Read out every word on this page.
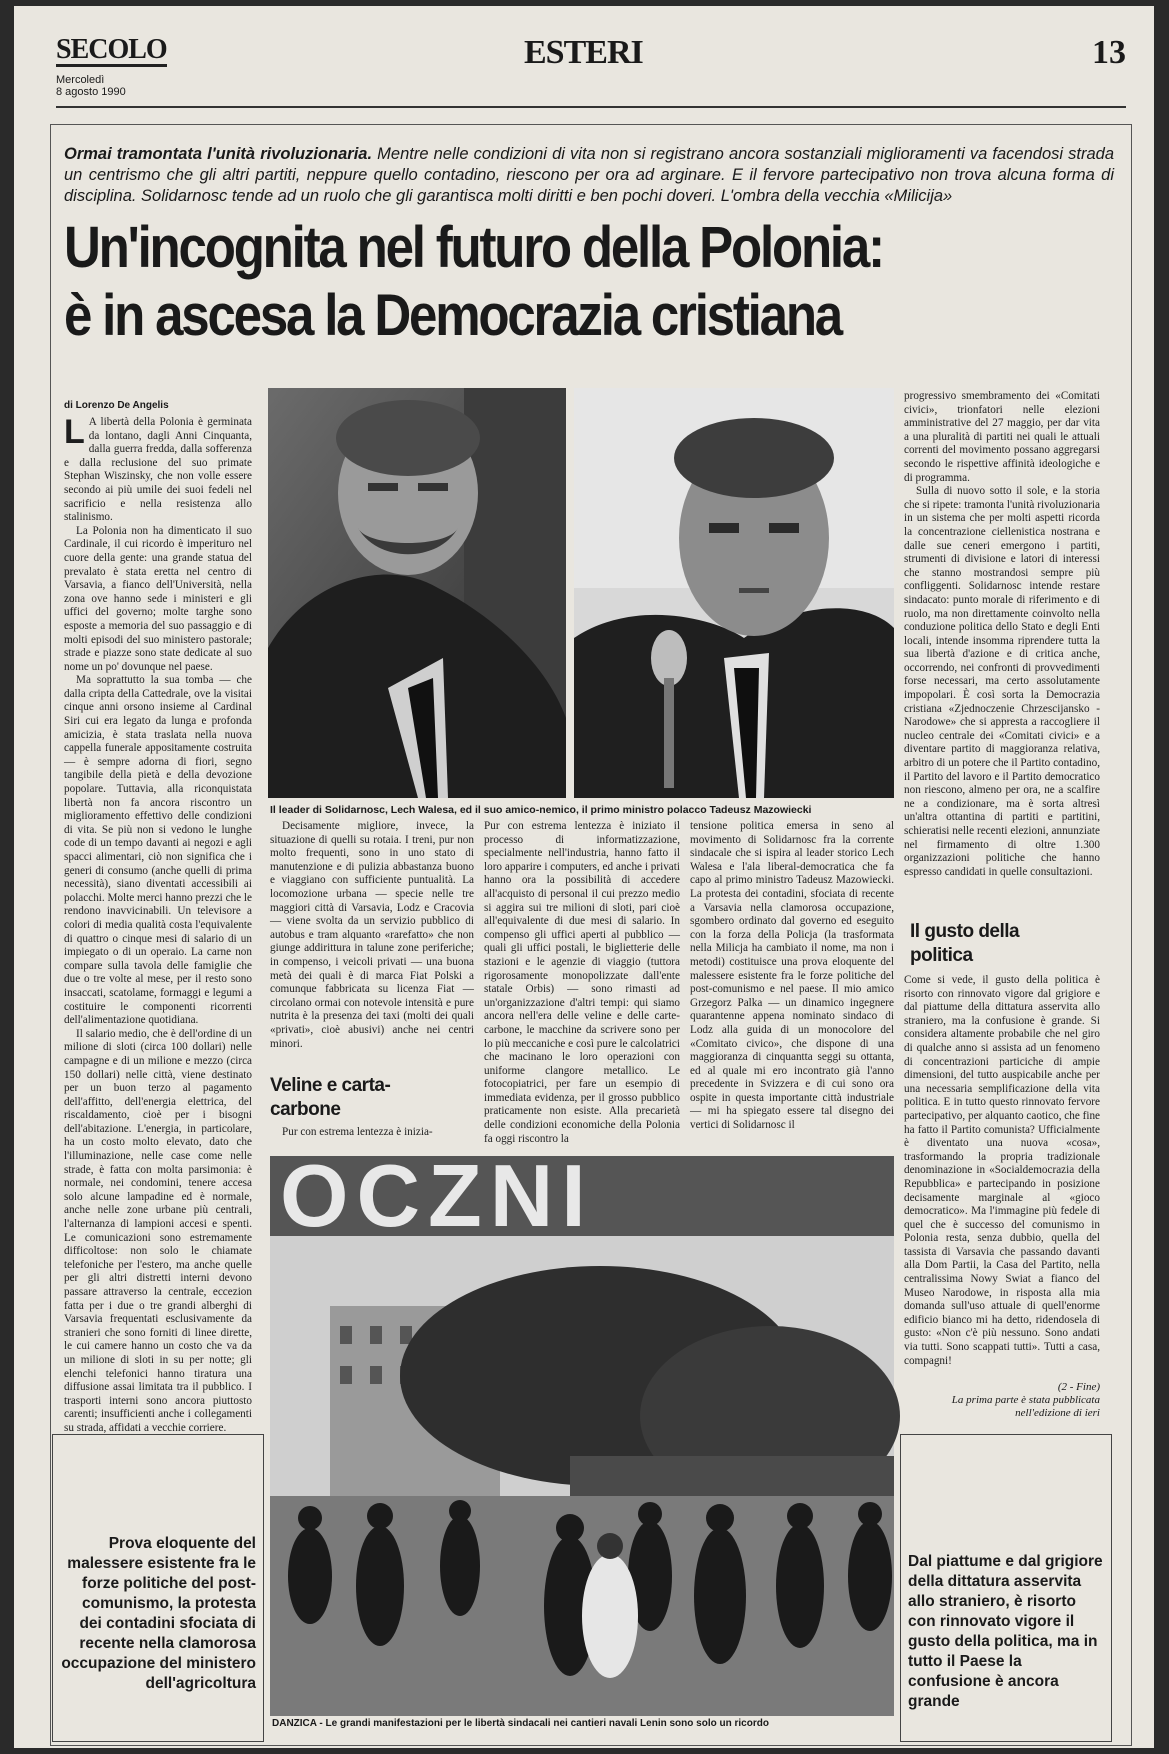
SECOLO
Mercoledì
8 agosto 1990
ESTERI	13
Ormai tramontata l'unità rivoluzionaria. Mentre nelle condizioni di vita non si registrano ancora sostanziali miglioramenti va facendosi strada un centrismo che gli altri partiti, neppure quello contadino, riescono per ora ad arginare. E il fervore partecipativo non trova alcuna forma di disciplina. Solidarnosc tende ad un ruolo che gli garantisca molti diritti e ben pochi doveri. L'ombra della vecchia «Milicija»
Un'incognita nel futuro della Polonia:
è in ascesa la Democrazia cristiana
di Lorenzo De Angelis

L A libertà della Polonia è germinata da lontano, dagli Anni Cinquanta, dalla guerra fredda, dalla sofferenza e dalla reclusione del suo primate Stephan Wiszinsky, che non volle essere secondo ai più umile dei suoi fedeli nel sacrificio e nella resistenza allo stalinismo.

La Polonia non ha dimenticato il suo Cardinale, il cui ricordo è imperituro nel cuore della gente: una grande statua del prevalato è stata eretta nel centro di Varsavia, a fianco dell'Università, nella zona ove hanno sede i ministeri e gli uffici del governo; molte targhe sono esposte a memoria del suo passaggio e di molti episodi del suo ministero pastorale; strade e piazze sono state dedicate al suo nome un po' dovunque nel paese.

Ma soprattutto la sua tomba — che dalla cripta della Cattedrale, ove la visitai cinque anni orsono insieme al Cardinal Siri cui era legato da lunga e profonda amicizia, è stata traslata nella nuova cappella funerale appositamente costruita — è sempre adorna di fiori, segno tangibile della pietà e della devozione popolare. Tuttavia, alla riconquistata libertà non fa ancora riscontro un miglioramento effettivo delle condizioni di vita. Se più non si vedono le lunghe code di un tempo davanti ai negozi e agli spacci alimentari, ciò non significa che i generi di consumo (anche quelli di prima necessità), siano diventati accessibili ai polacchi. Molte merci hanno prezzi che le rendono inavvicinabili. Un televisore a colori di media qualità costa l'equivalente di quattro o cinque mesi di salario di un impiegato o di un operaio. La carne non compare sulla tavola delle famiglie che due o tre volte al mese, per il resto sono insaccati, scatolame, formaggi e legumi a costituire le componenti ricorrenti dell'alimentazione quotidiana.

Il salario medio, che è dell'ordine di un milione di sloti (circa 100 dollari) nelle campagne e di un milione e mezzo (circa 150 dollari) nelle città, viene destinato per un buon terzo al pagamento dell'affitto, dell'energia elettrica, del riscaldamento, cioè per i bisogni dell'abitazione. L'energia, in particolare, ha un costo molto elevato, dato che l'illuminazione, nelle case come nelle strade, è fatta con molta parsimonia: è normale, nei condomini, tenere accesa solo alcune lampadine ed è normale, anche nelle zone urbane più centrali, l'alternanza di lampioni accesi e spenti. Le comunicazioni sono estremamente difficoltose: non solo le chiamate telefoniche per l'estero, ma anche quelle per gli altri distretti interni devono passare attraverso la centrale, eccezion fatta per i due o tre grandi alberghi di Varsavia frequentati esclusivamente da stranieri che sono forniti di linee dirette, le cui camere hanno un costo che va da un milione di sloti in su per notte; gli elenchi telefonici hanno tiratura una diffusione assai limitata tra il pubblico. I trasporti interni sono ancora piuttosto carenti; insufficienti anche i collegamenti su strada, affidati a vecchie corriere.

Il leader di Solidarnosc, Lech Walesa, ed il suo amico-nemico, il primo ministro polacco Tadeusz Mazowiecki

Decisamente migliore, invece, la situazione di quelli su rotaia. I treni, pur non molto frequenti, sono in uno stato di manutenzione e di pulizia abbastanza buono e viaggiano con sufficiente puntualità. La locomozione urbana — specie nelle tre maggiori città di Varsavia, Lodz e Cracovia — viene svolta da un servizio pubblico di autobus e tram alquanto «rarefatto» che non giunge addirittura in talune zone periferiche; in compenso, i veicoli privati — una buona metà dei quali è di marca Fiat Polski a comunque fabbricata su licenza Fiat — circolano ormai con notevole intensità e pure nutrita è la presenza dei taxi (molti dei quali «privati», cioè abusivi) anche nei centri minori.

Veline e carta-carbone

Pur con estrema lentezza è inizia-

Pur con estrema lentezza è iniziato il processo di informatizzazione, specialmente nell'industria, hanno fatto il loro apparire i computers, ed anche i privati hanno ora la possibilità di accedere all'acquisto di personal il cui prezzo medio si aggira sui tre milioni di sloti, pari cioè all'equivalente di due mesi di salario. In compenso gli uffici aperti al pubblico — quali gli uffici postali, le biglietterie delle stazioni e le agenzie di viaggio (tuttora rigorosamente monopolizzate dall'ente statale Orbis) — sono rimasti ad un'organizzazione d'altri tempi: qui siamo ancora nell'era delle veline e delle carte-carbone, le macchine da scrivere sono per lo più meccaniche e così pure le calcolatrici che macinano le loro operazioni con uniforme clangore metallico. Le fotocopiatrici, per fare un esempio di immediata evidenza, per il grosso pubblico praticamente non esiste. Alla precarietà delle condizioni economiche della Polonia fa oggi riscontro la

tensione politica emersa in seno al movimento di Solidarnosc fra la corrente sindacale che si ispira al leader storico Lech Walesa e l'ala liberal-democratica che fa capo al primo ministro Tadeusz Mazowiecki. La protesta dei contadini, sfociata di recente a Varsavia nella clamorosa occupazione, sgombero ordinato dal governo ed eseguito con la forza della Policja (la trasformata nella Milicja ha cambiato il nome, ma non i metodi) costituisce una prova eloquente del malessere esistente fra le forze politiche del post-comunismo e nel paese. Il mio amico Grzegorz Palka — un dinamico ingegnere quarantenne appena nominato sindaco di Lodz alla guida di un monocolore del «Comitato civico», che dispone di una maggioranza di cinquantta seggi su ottanta, ed al quale mi ero incontrato già l'anno precedente in Svizzera e di cui sono ora ospite in questa importante città industriale — mi ha spiegato essere tal disegno dei vertici di Solidarnosc il

progressivo smembramento dei «Comitati civici», trionfatori nelle elezioni amministrative del 27 maggio, per dar vita a una pluralità di partiti nei quali le attuali correnti del movimento possano aggregarsi secondo le rispettive affinità ideologiche e di programma.

Sulla di nuovo sotto il sole, e la storia che si ripete: tramonta l'unità rivoluzionaria in un sistema che per molti aspetti ricorda la concentrazione ciellenistica nostrana e dalle sue ceneri emergono i partiti, strumenti di divisione e latori di interessi che stanno mostrandosi sempre più confliggenti. Solidarnosc intende restare sindacato: punto morale di riferimento e di ruolo, ma non direttamente coinvolto nella conduzione politica dello Stato e degli Enti locali, intende insomma riprendere tutta la sua libertà d'azione e di critica anche, occorrendo, nei confronti di provvedimenti forse necessari, ma certo assolutamente impopolari. È così sorta la Democrazia cristiana «Zjednoczenie Chrzescijansko - Narodowe» che si appresta a raccogliere il nucleo centrale dei «Comitati civici» e a diventare partito di maggioranza relativa, arbitro di un potere che il Partito contadino, il Partito del lavoro e il Partito democratico non riescono, almeno per ora, ne a scalfire ne a condizionare, ma è sorta altresì un'altra ottantina di partiti e partitini, schieratisi nelle recenti elezioni, annunziate nel firmamento di oltre 1.300 organizzazioni politiche che hanno espresso candidati in quelle consultazioni.

Il gusto della politica

Come si vede, il gusto della politica è risorto con rinnovato vigore dal grigiore e dal piattume della dittatura asservita allo straniero, ma la confusione è grande. Si considera altamente probabile che nel giro di qualche anno si assista ad un fenomeno di concentrazioni particiche di ampie dimensioni, del tutto auspicabile anche per una necessaria semplificazione della vita politica. E in tutto questo rinnovato fervore partecipativo, per alquanto caotico, che fine ha fatto il Partito comunista? Ufficialmente è diventato una nuova «cosa», trasformando la propria tradizionale denominazione in «Socialdemocrazia della Repubblica» e partecipando in posizione decisamente marginale al «gioco democratico». Ma l'immagine più fedele di quel che è successo del comunismo in Polonia resta, senza dubbio, quella del tassista di Varsavia che passando davanti alla Dom Partii, la Casa del Partito, nella centralissima Nowy Swiat a fianco del Museo Narodowe, in risposta alla mia domanda sull'uso attuale di quell'enorme edificio bianco mi ha detto, ridendosela di gusto: «Non c'è più nessuno. Sono andati via tutti. Sono scappati tutti». Tutti a casa, compagni!

(2 - Fine)
La prima parte è stata pubblicata nell'edizione di ieri
OCZNI
DANZICA - Le grandi manifestazioni per le libertà sindacali nei cantieri navali Lenin sono solo un ricordo
Prova eloquente del malessere esistente fra le forze politiche del post-comunismo, la protesta dei contadini sfociata di recente nella clamorosa occupazione del ministero dell'agricoltura
Dal piattume e dal grigiore della dittatura asservita allo straniero, è risorto con rinnovato vigore il gusto della politica, ma in tutto il Paese la confusione è ancora grande
